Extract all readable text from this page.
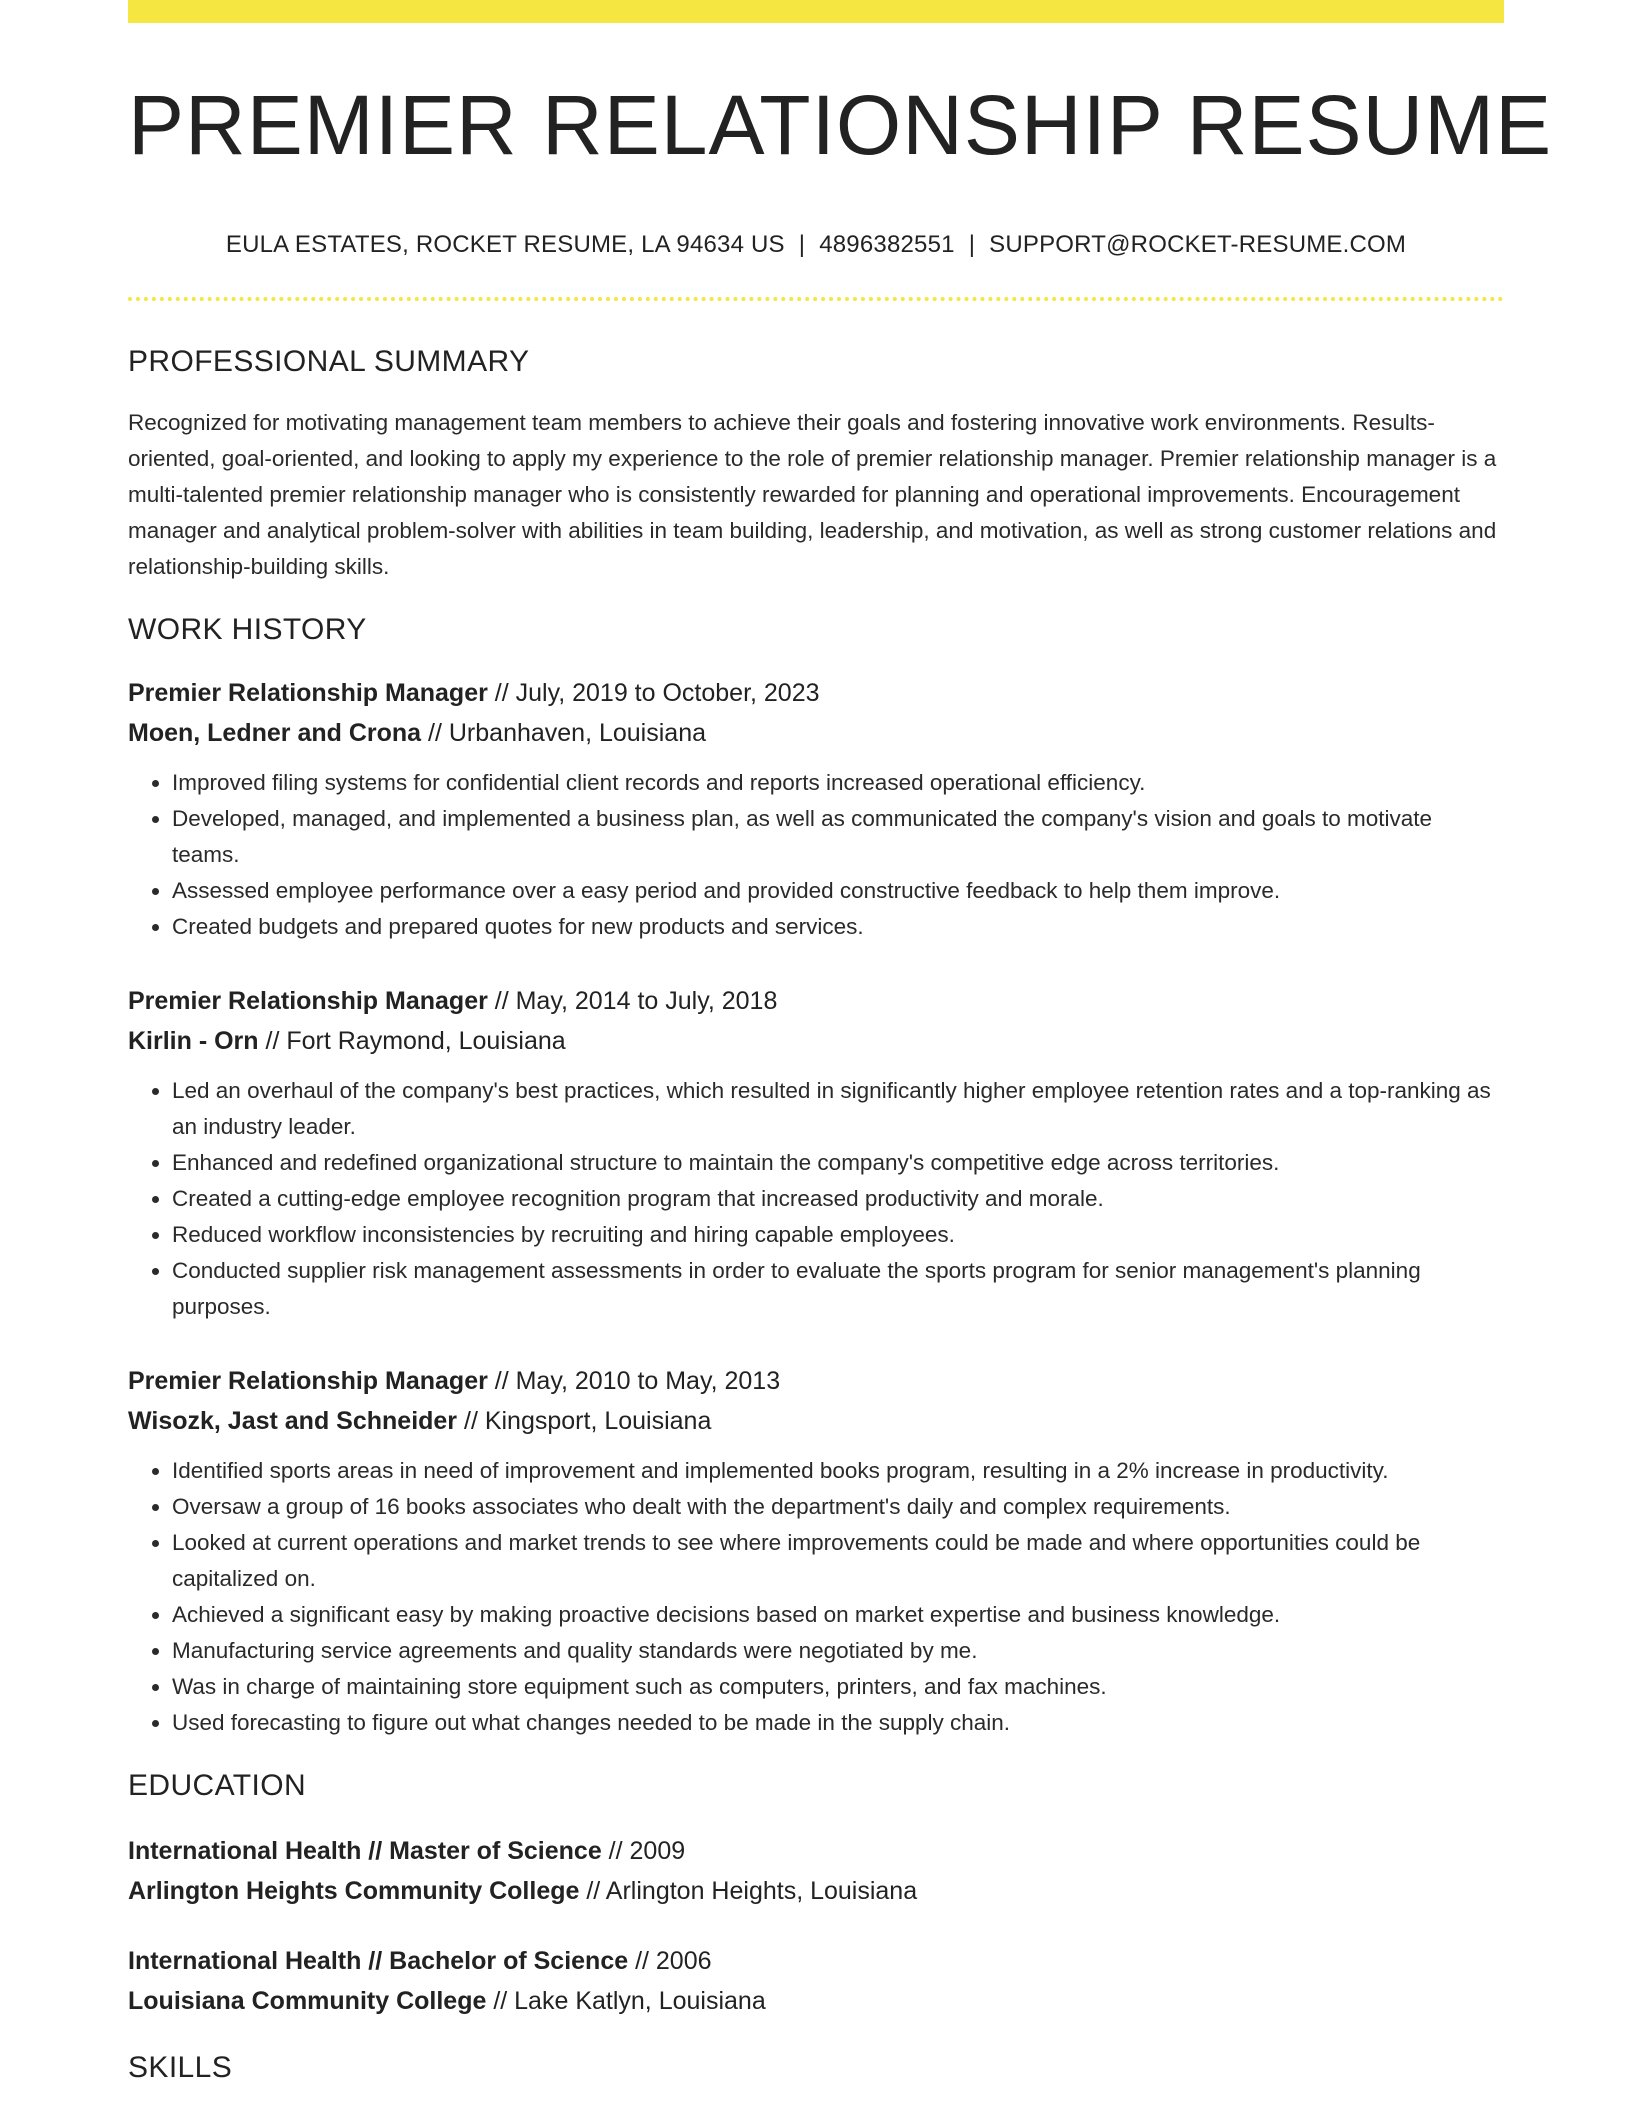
PREMIER RELATIONSHIP RESUME
EULA ESTATES, ROCKET RESUME, LA 94634 US | 4896382551 | SUPPORT@ROCKET-RESUME.COM
PROFESSIONAL SUMMARY
Recognized for motivating management team members to achieve their goals and fostering innovative work environments. Results-oriented, goal-oriented, and looking to apply my experience to the role of premier relationship manager. Premier relationship manager is a multi-talented premier relationship manager who is consistently rewarded for planning and operational improvements. Encouragement manager and analytical problem-solver with abilities in team building, leadership, and motivation, as well as strong customer relations and relationship-building skills.
WORK HISTORY
Premier Relationship Manager // July, 2019 to October, 2023
Moen, Ledner and Crona // Urbanhaven, Louisiana
• Improved filing systems for confidential client records and reports increased operational efficiency.
• Developed, managed, and implemented a business plan, as well as communicated the company's vision and goals to motivate teams.
• Assessed employee performance over a easy period and provided constructive feedback to help them improve.
• Created budgets and prepared quotes for new products and services.
Premier Relationship Manager // May, 2014 to July, 2018
Kirlin - Orn // Fort Raymond, Louisiana
• Led an overhaul of the company's best practices, which resulted in significantly higher employee retention rates and a top-ranking as an industry leader.
• Enhanced and redefined organizational structure to maintain the company's competitive edge across territories.
• Created a cutting-edge employee recognition program that increased productivity and morale.
• Reduced workflow inconsistencies by recruiting and hiring capable employees.
• Conducted supplier risk management assessments in order to evaluate the sports program for senior management's planning purposes.
Premier Relationship Manager // May, 2010 to May, 2013
Wisozk, Jast and Schneider // Kingsport, Louisiana
• Identified sports areas in need of improvement and implemented books program, resulting in a 2% increase in productivity.
• Oversaw a group of 16 books associates who dealt with the department's daily and complex requirements.
• Looked at current operations and market trends to see where improvements could be made and where opportunities could be capitalized on.
• Achieved a significant easy by making proactive decisions based on market expertise and business knowledge.
• Manufacturing service agreements and quality standards were negotiated by me.
• Was in charge of maintaining store equipment such as computers, printers, and fax machines.
• Used forecasting to figure out what changes needed to be made in the supply chain.
EDUCATION
International Health // Master of Science // 2009
Arlington Heights Community College // Arlington Heights, Louisiana
International Health // Bachelor of Science // 2006
Louisiana Community College // Lake Katlyn, Louisiana
SKILLS
